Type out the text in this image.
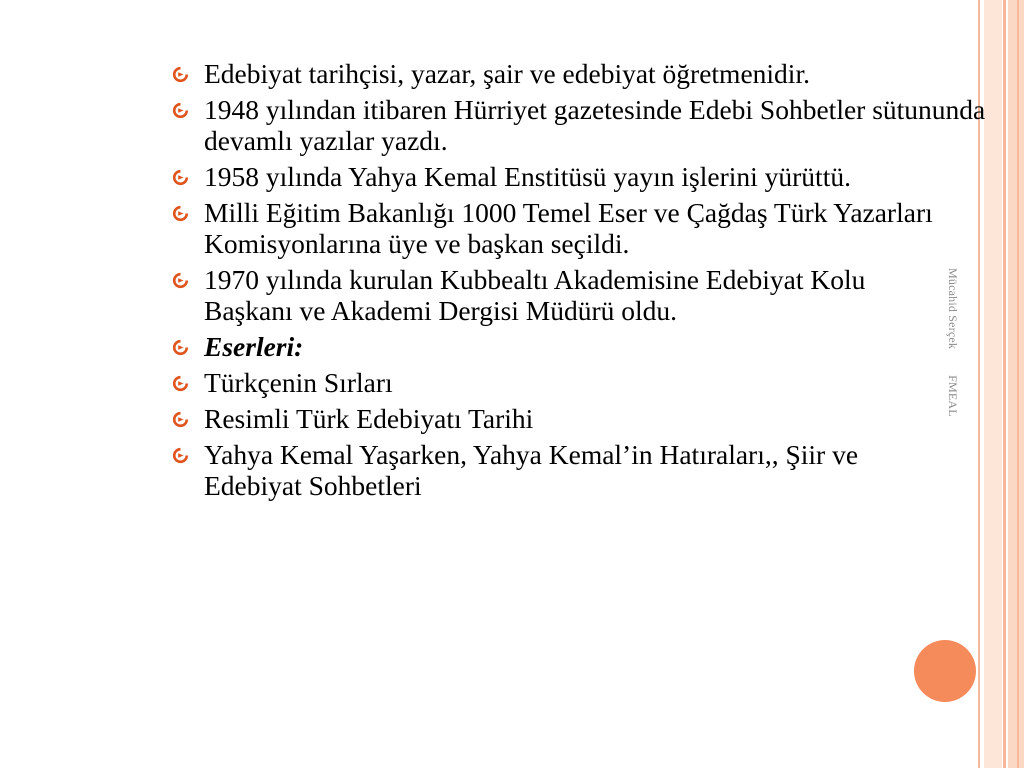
Mücahid SerçekFMEAL
Edebiyat tarihçisi, yazar, şair ve edebiyat öğretmenidir.
1948 yılından itibaren Hürriyet gazetesinde Edebi Sohbetler sütununda devamlı yazılar yazdı.
1958 yılında Yahya Kemal Enstitüsü yayın işlerini yürüttü.
Milli Eğitim Bakanlığı 1000 Temel Eser ve Çağdaş Türk Yazarları Komisyonlarına üye ve başkan seçildi.
1970 yılında kurulan Kubbealtı Akademisine Edebiyat Kolu Başkanı ve Akademi Dergisi Müdürü oldu.
Eserleri:
Türkçenin Sırları
Resimli Türk Edebiyatı Tarihi
Yahya Kemal Yaşarken, Yahya Kemal’in Hatıraları,, Şiir ve Edebiyat Sohbetleri
